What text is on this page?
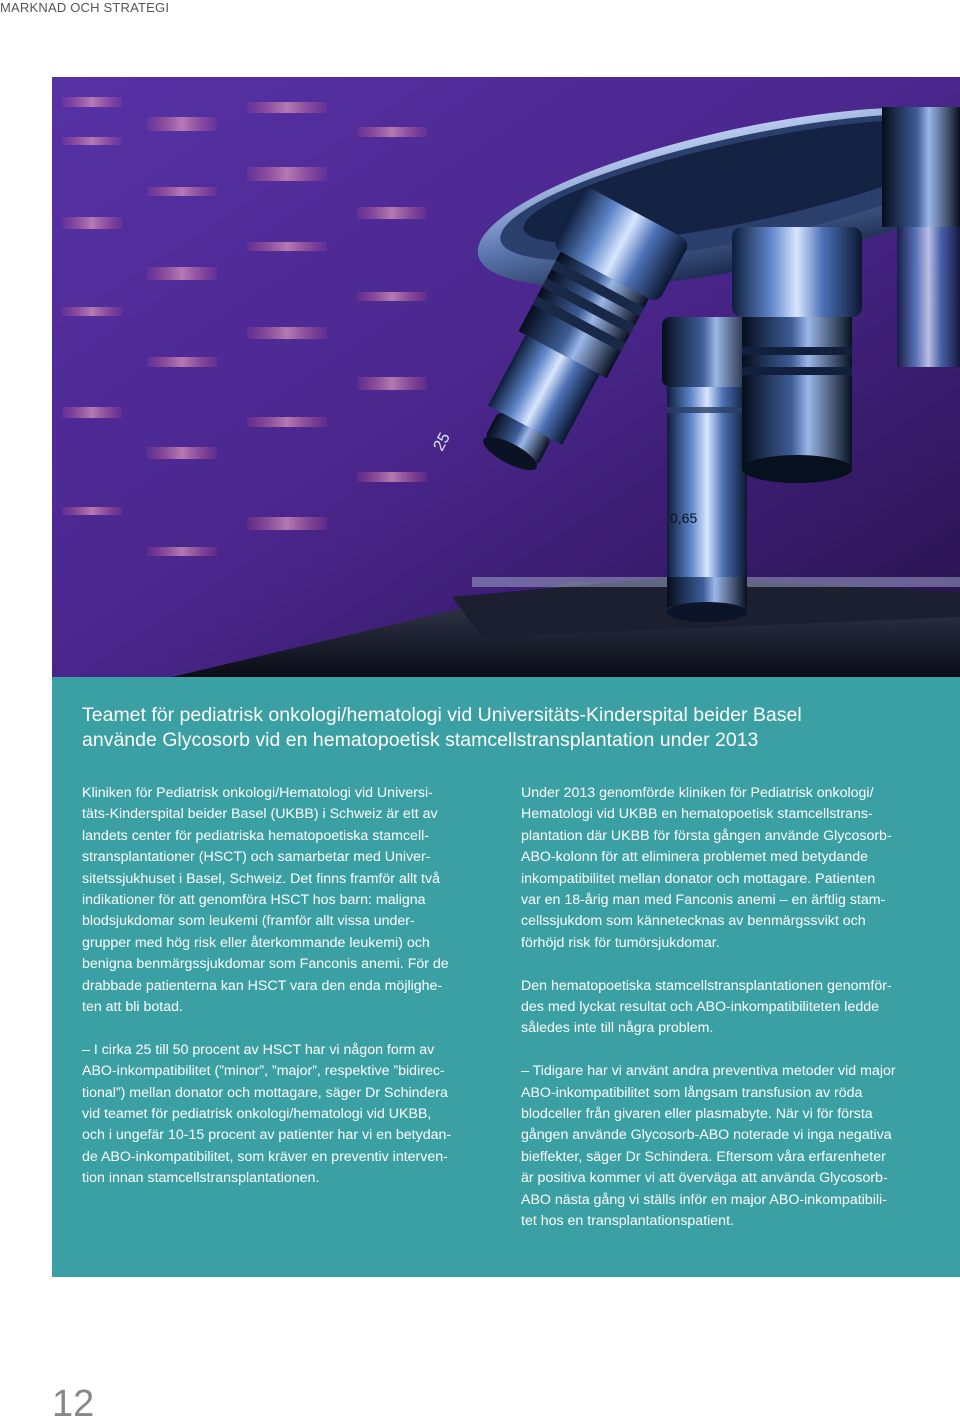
MARKNAD OCH STRATEGI
25
0,65
Teamet för pediatrisk onkologi/hematologi vid Universitäts-Kinderspital beider Basel
använde Glycosorb vid en hematopoetisk stamcellstransplantation under 2013

Kliniken för Pediatrisk onkologi/Hematologi vid Universi-
täts-Kinderspital beider Basel (UKBB) i Schweiz är ett av
landets center för pediatriska hematopoetiska stamcell-
stransplantationer (HSCT) och samarbetar med Univer-
sitetssjukhuset i Basel, Schweiz. Det finns framför allt två
indikationer för att genomföra HSCT hos barn: maligna
blodsjukdomar som leukemi (framför allt vissa under-
grupper med hög risk eller återkommande leukemi) och
benigna benmärgssjukdomar som Fanconis anemi. För de
drabbade patienterna kan HSCT vara den enda möjlighe-
ten att bli botad.

– I cirka 25 till 50 procent av HSCT har vi någon form av
ABO-inkompatibilitet (”minor”, ”major”, respektive ”bidirec-
tional”) mellan donator och mottagare, säger Dr Schindera
vid teamet för pediatrisk onkologi/hematologi vid UKBB,
och i ungefär 10-15 procent av patienter har vi en betydan-
de ABO-inkompatibilitet, som kräver en preventiv interven-
tion innan stamcellstransplantationen.

Under 2013 genomförde kliniken för Pediatrisk onkologi/
Hematologi vid UKBB en hematopoetisk stamcellstrans-
plantation där UKBB för första gången använde Glycosorb-
ABO-kolonn för att eliminera problemet med betydande
inkompatibilitet mellan donator och mottagare. Patienten
var en 18-årig man med Fanconis anemi – en ärftlig stam-
cellssjukdom som kännetecknas av benmärgssvikt och
förhöjd risk för tumörsjukdomar.

Den hematopoetiska stamcellstransplantationen genomför-
des med lyckat resultat och ABO-inkompatibiliteten ledde
således inte till några problem.

– Tidigare har vi använt andra preventiva metoder vid major
ABO-inkompatibilitet som långsam transfusion av röda
blodceller från givaren eller plasmabyte. När vi för första
gången använde Glycosorb-ABO noterade vi inga negativa
bieffekter, säger Dr Schindera. Eftersom våra erfarenheter
är positiva kommer vi att överväga att använda Glycosorb-
ABO nästa gång vi ställs inför en major ABO-inkompatibili-
tet hos en transplantationspatient.

12
